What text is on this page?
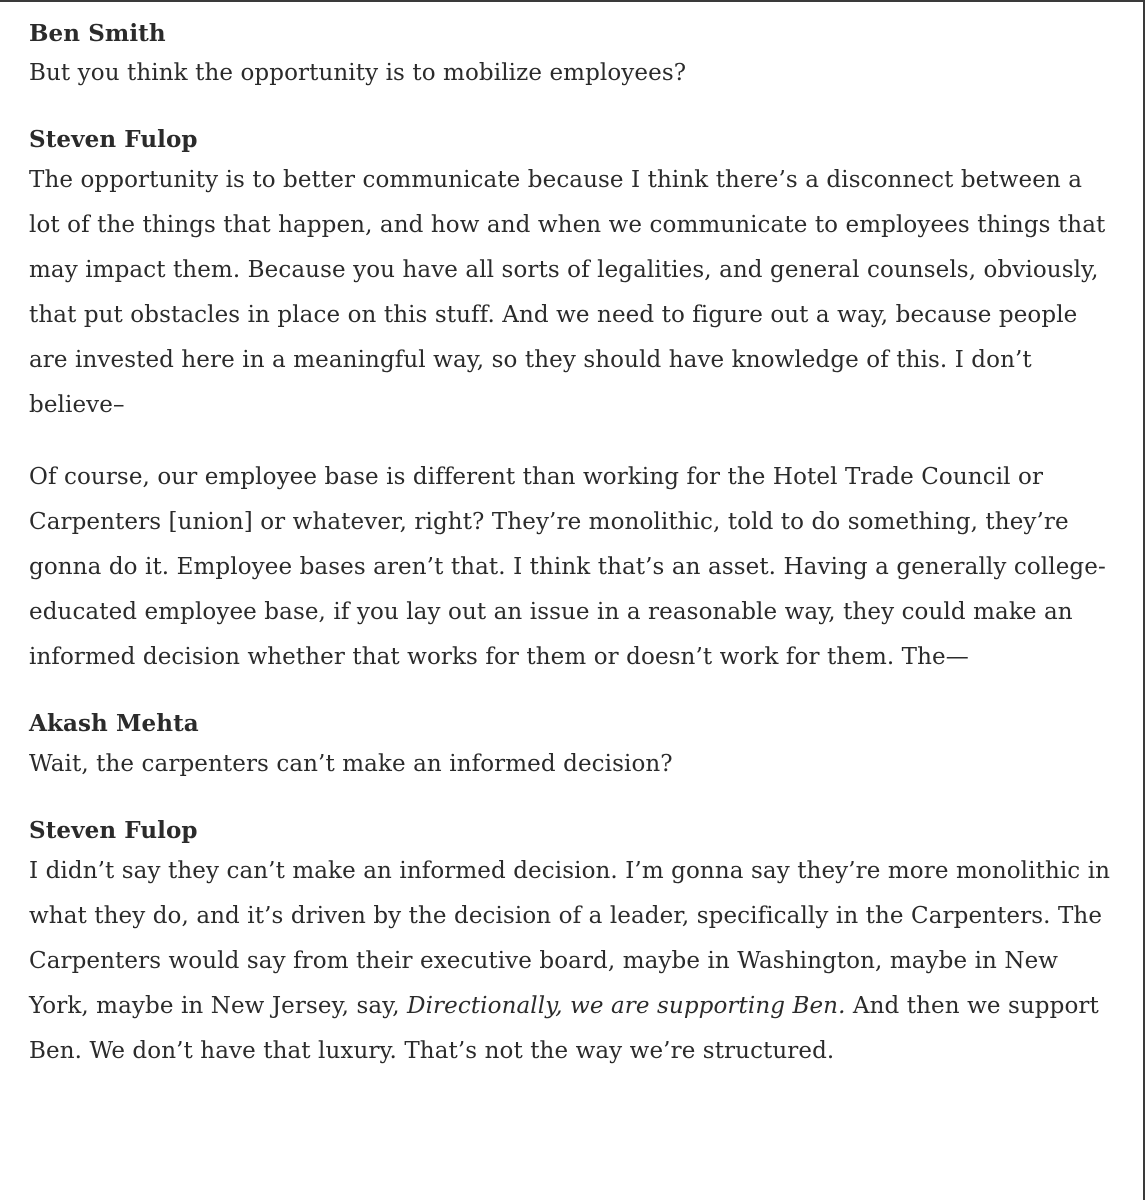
Ben Smith

But you think the opportunity is to mobilize employees?

Steven Fulop

The opportunity is to better communicate because I think there’s a disconnect between a lot of the things that happen, and how and when we communicate to employees things that may impact them. Because you have all sorts of legalities, and general counsels, obviously, that put obstacles in place on this stuff. And we need to figure out a way, because people are invested here in a meaningful way, so they should have knowledge of this. I don’t believe–

Of course, our employee base is different than working for the Hotel Trade Council or Carpenters [union] or whatever, right? They’re monolithic, told to do something, they’re gonna do it. Employee bases aren’t that. I think that’s an asset. Having a generally college-educated employee base, if you lay out an issue in a reasonable way, they could make an informed decision whether that works for them or doesn’t work for them. The—

Akash Mehta

Wait, the carpenters can’t make an informed decision?

Steven Fulop

I didn’t say they can’t make an informed decision. I’m gonna say they’re more monolithic in what they do, and it’s driven by the decision of a leader, specifically in the Carpenters. The Carpenters would say from their executive board, maybe in Washington, maybe in New York, maybe in New Jersey, say, Directionally, we are supporting Ben. And then we support Ben. We don’t have that luxury. That’s not the way we’re structured.
